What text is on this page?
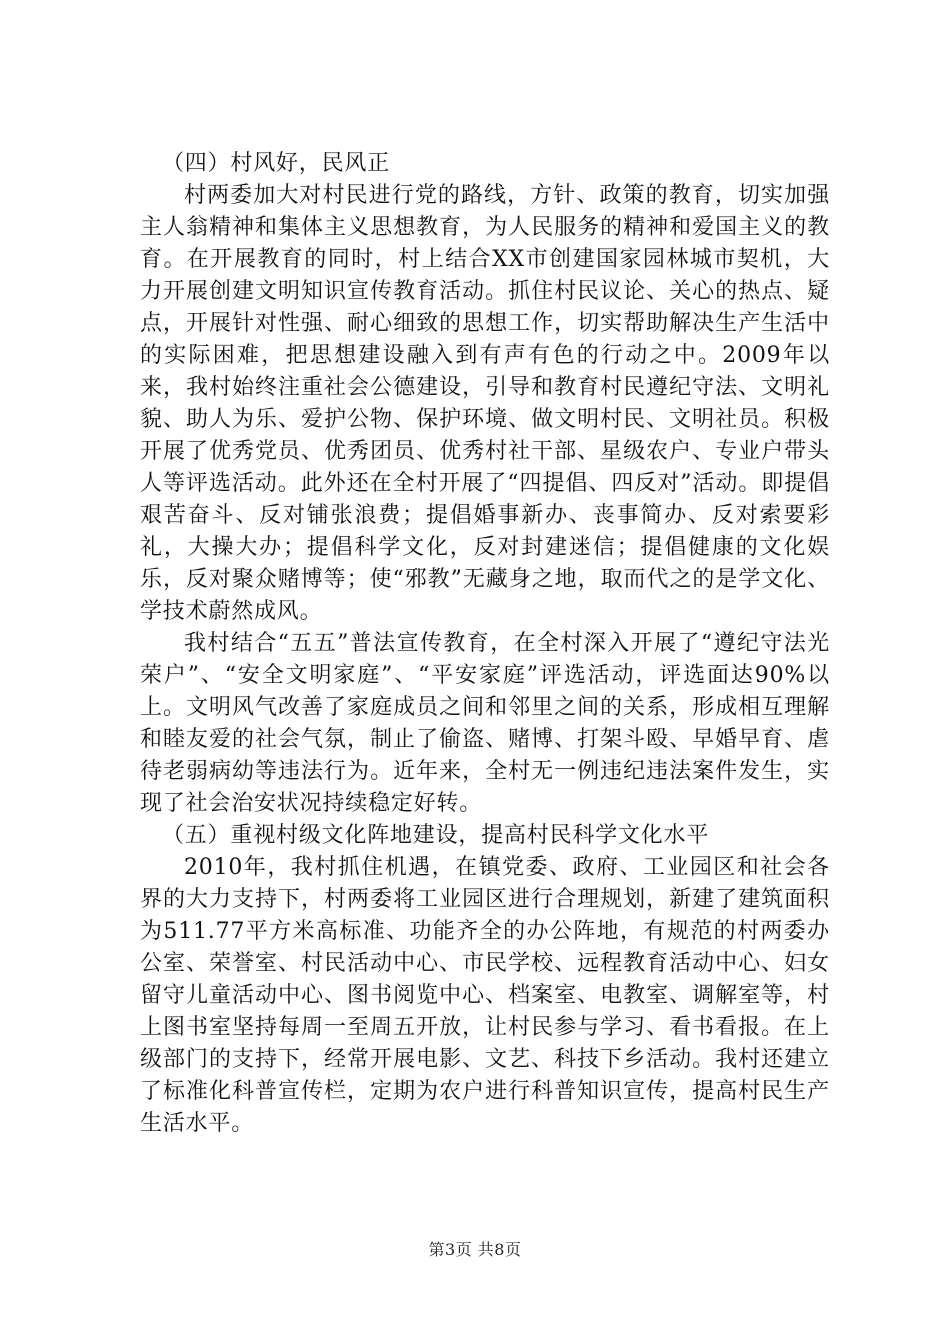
（四）村风好，民风正

村两委加大对村民进行党的路线，方针、政策的教育，切实加强主人翁精神和集体主义思想教育，为人民服务的精神和爱国主义的教育。在开展教育的同时，村上结合XX市创建国家园林城市契机，大力开展创建文明知识宣传教育活动。抓住村民议论、关心的热点、疑点，开展针对性强、耐心细致的思想工作，切实帮助解决生产生活中的实际困难，把思想建设融入到有声有色的行动之中。2009年以来，我村始终注重社会公德建设，引导和教育村民遵纪守法、文明礼貌、助人为乐、爱护公物、保护环境、做文明村民、文明社员。积极开展了优秀党员、优秀团员、优秀村社干部、星级农户、专业户带头人等评选活动。此外还在全村开展了“四提倡、四反对”活动。即提倡艰苦奋斗、反对铺张浪费；提倡婚事新办、丧事简办、反对索要彩礼，大操大办；提倡科学文化，反对封建迷信；提倡健康的文化娱乐，反对聚众赌博等；使“邪教”无藏身之地，取而代之的是学文化、学技术蔚然成风。

我村结合“五五”普法宣传教育，在全村深入开展了“遵纪守法光荣户”、“安全文明家庭”、“平安家庭”评选活动，评选面达90%以上。文明风气改善了家庭成员之间和邻里之间的关系，形成相互理解和睦友爱的社会气氛，制止了偷盗、赌博、打架斗殴、早婚早育、虐待老弱病幼等违法行为。近年来，全村无一例违纪违法案件发生，实现了社会治安状况持续稳定好转。

（五）重视村级文化阵地建设，提高村民科学文化水平

2010年，我村抓住机遇，在镇党委、政府、工业园区和社会各界的大力支持下，村两委将工业园区进行合理规划，新建了建筑面积为511.77平方米高标准、功能齐全的办公阵地，有规范的村两委办公室、荣誉室、村民活动中心、市民学校、远程教育活动中心、妇女留守儿童活动中心、图书阅览中心、档案室、电教室、调解室等，村上图书室坚持每周一至周五开放，让村民参与学习、看书看报。在上级部门的支持下，经常开展电影、文艺、科技下乡活动。我村还建立了标准化科普宣传栏，定期为农户进行科普知识宣传，提高村民生产生活水平。

第3页 共8页
